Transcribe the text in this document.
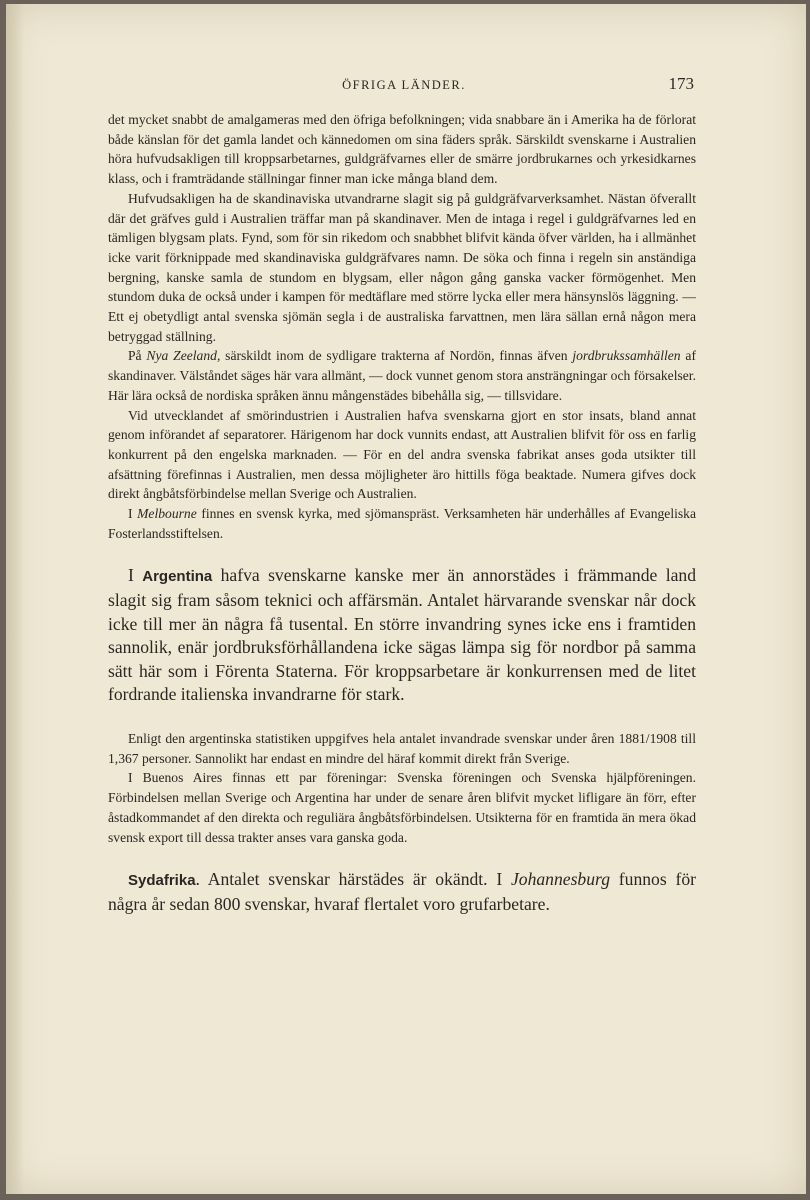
ÖFRIGA LÄNDER.	173

det mycket snabbt de amalgameras med den öfriga befolkningen; vida snabbare än i Amerika ha de förlorat både känslan för det gamla landet och kännedomen om sina fäders språk. Särskildt svenskarne i Australien höra hufvudsakligen till kroppsarbetarnes, guldgräfvarnes eller de smärre jordbrukarnes och yrkesidkarnes klass, och i framträdande ställningar finner man icke många bland dem.

Hufvudsakligen ha de skandinaviska utvandrarne slagit sig på guldgräfvarverksamhet. Nästan öfverallt där det gräfves guld i Australien träffar man på skandinaver. Men de intaga i regel i guldgräfvarnes led en tämligen blygsam plats. Fynd, som för sin rikedom och snabbhet blifvit kända öfver världen, ha i allmänhet icke varit förknippade med skandinaviska guldgräfvares namn. De söka och finna i regeln sin anständiga bergning, kanske samla de stundom en blygsam, eller någon gång ganska vacker förmögenhet. Men stundom duka de också under i kampen för medtäflare med större lycka eller mera hänsynslös läggning. — Ett ej obetydligt antal svenska sjömän segla i de australiska farvattnen, men lära sällan ernå någon mera betryggad ställning.

På Nya Zeeland, särskildt inom de sydligare trakterna af Nordön, finnas äfven jordbrukssamhällen af skandinaver. Välståndet säges här vara allmänt, — dock vunnet genom stora ansträngningar och försakelser. Här lära också de nordiska språken ännu mångenstädes bibehålla sig, — tillsvidare.

Vid utvecklandet af smörindustrien i Australien hafva svenskarna gjort en stor insats, bland annat genom införandet af separatorer. Härigenom har dock vunnits endast, att Australien blifvit för oss en farlig konkurrent på den engelska marknaden. — För en del andra svenska fabrikat anses goda utsikter till afsättning förefinnas i Australien, men dessa möjligheter äro hittills föga beaktade. Numera gifves dock direkt ångbåtsförbindelse mellan Sverige och Australien.

I Melbourne finnes en svensk kyrka, med sjömanspräst. Verksamheten här underhålles af Evangeliska Fosterlandsstiftelsen.

I Argentina hafva svenskarne kanske mer än annorstädes i främmande land slagit sig fram såsom teknici och affärsmän. Antalet härvarande svenskar når dock icke till mer än några få tusental. En större invandring synes icke ens i framtiden sannolik, enär jordbruksförhållandena icke sägas lämpa sig för nordbor på samma sätt här som i Förenta Staterna. För kroppsarbetare är konkurrensen med de litet fordrande italienska invandrarne för stark.

Enligt den argentinska statistiken uppgifves hela antalet invandrade svenskar under åren 1881/1908 till 1,367 personer. Sannolikt har endast en mindre del häraf kommit direkt från Sverige.

I Buenos Aires finnas ett par föreningar: Svenska föreningen och Svenska hjälpföreningen. Förbindelsen mellan Sverige och Argentina har under de senare åren blifvit mycket lifligare än förr, efter åstadkommandet af den direkta och reguliära ångbåtsförbindelsen. Utsikterna för en framtida än mera ökad svensk export till dessa trakter anses vara ganska goda.

Sydafrika. Antalet svenskar härstädes är okändt. I Johannesburg funnos för några år sedan 800 svenskar, hvaraf flertalet voro grufarbetare.
